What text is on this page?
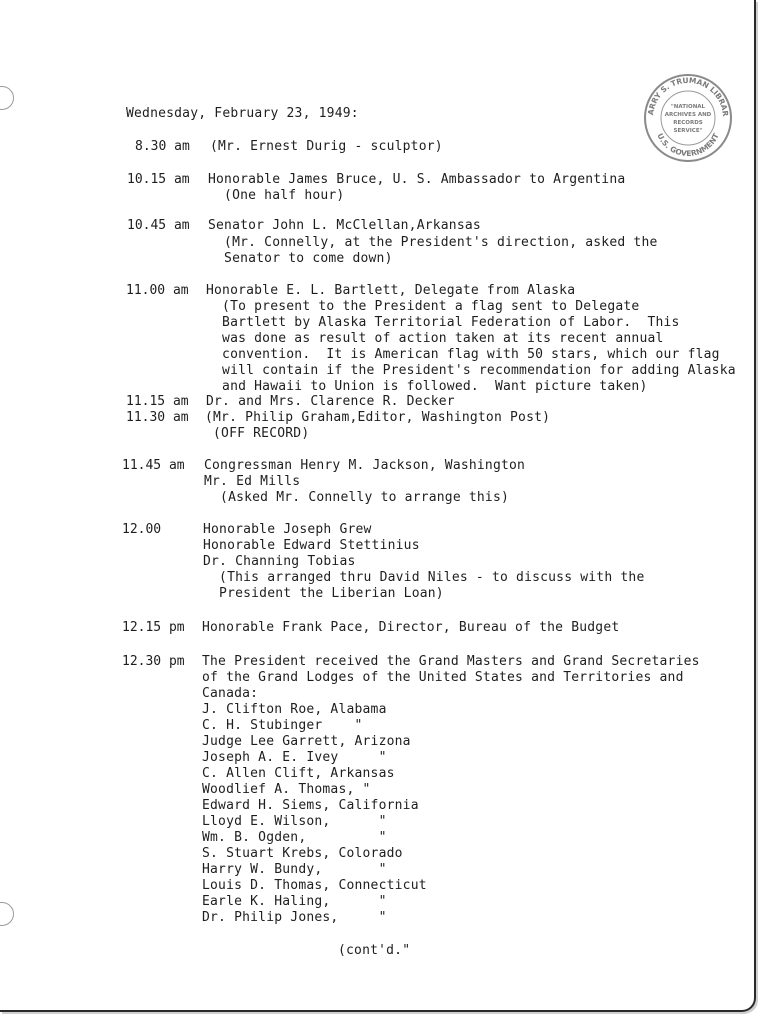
ARRY S. TRUMAN LIBRAR
U.S. GOVERNMENT
"NATIONAL
ARCHIVES AND
RECORDS
SERVICE"
Wednesday, February 23, 1949:
8.30 am
10.15 am
10.45 am
11.00 am
11.15 am
11.30 am
11.45 am
12.00
12.15 pm
12.30 pm
(Mr. Ernest Durig - sculptor)
Honorable James Bruce, U. S. Ambassador to Argentina
(One half hour)
Senator John L. McClellan,Arkansas
(Mr. Connelly, at the President's direction, asked the
Senator to come down)
Honorable E. L. Bartlett, Delegate from Alaska
(To present to the President a flag sent to Delegate
Bartlett by Alaska Territorial Federation of Labor.  This
was done as result of action taken at its recent annual
convention.  It is American flag with 50 stars, which our flag
will contain if the President's recommendation for adding Alaska
and Hawaii to Union is followed.  Want picture taken)
Dr. and Mrs. Clarence R. Decker
(Mr. Philip Graham,Editor, Washington Post)
(OFF RECORD)
Congressman Henry M. Jackson, Washington
Mr. Ed Mills
(Asked Mr. Connelly to arrange this)
Honorable Joseph Grew
Honorable Edward Stettinius
Dr. Channing Tobias
(This arranged thru David Niles - to discuss with the
President the Liberian Loan)
Honorable Frank Pace, Director, Bureau of the Budget
The President received the Grand Masters and Grand Secretaries
of the Grand Lodges of the United States and Territories and
Canada:
J. Clifton Roe, Alabama
C. H. Stubinger    "
Judge Lee Garrett, Arizona
Joseph A. E. Ivey     "
C. Allen Clift, Arkansas
Woodlief A. Thomas, "
Edward H. Siems, California
Lloyd E. Wilson,      "
Wm. B. Ogden,         "
S. Stuart Krebs, Colorado
Harry W. Bundy,       "
Louis D. Thomas, Connecticut
Earle K. Haling,      "
Dr. Philip Jones,     "
(cont'd."
